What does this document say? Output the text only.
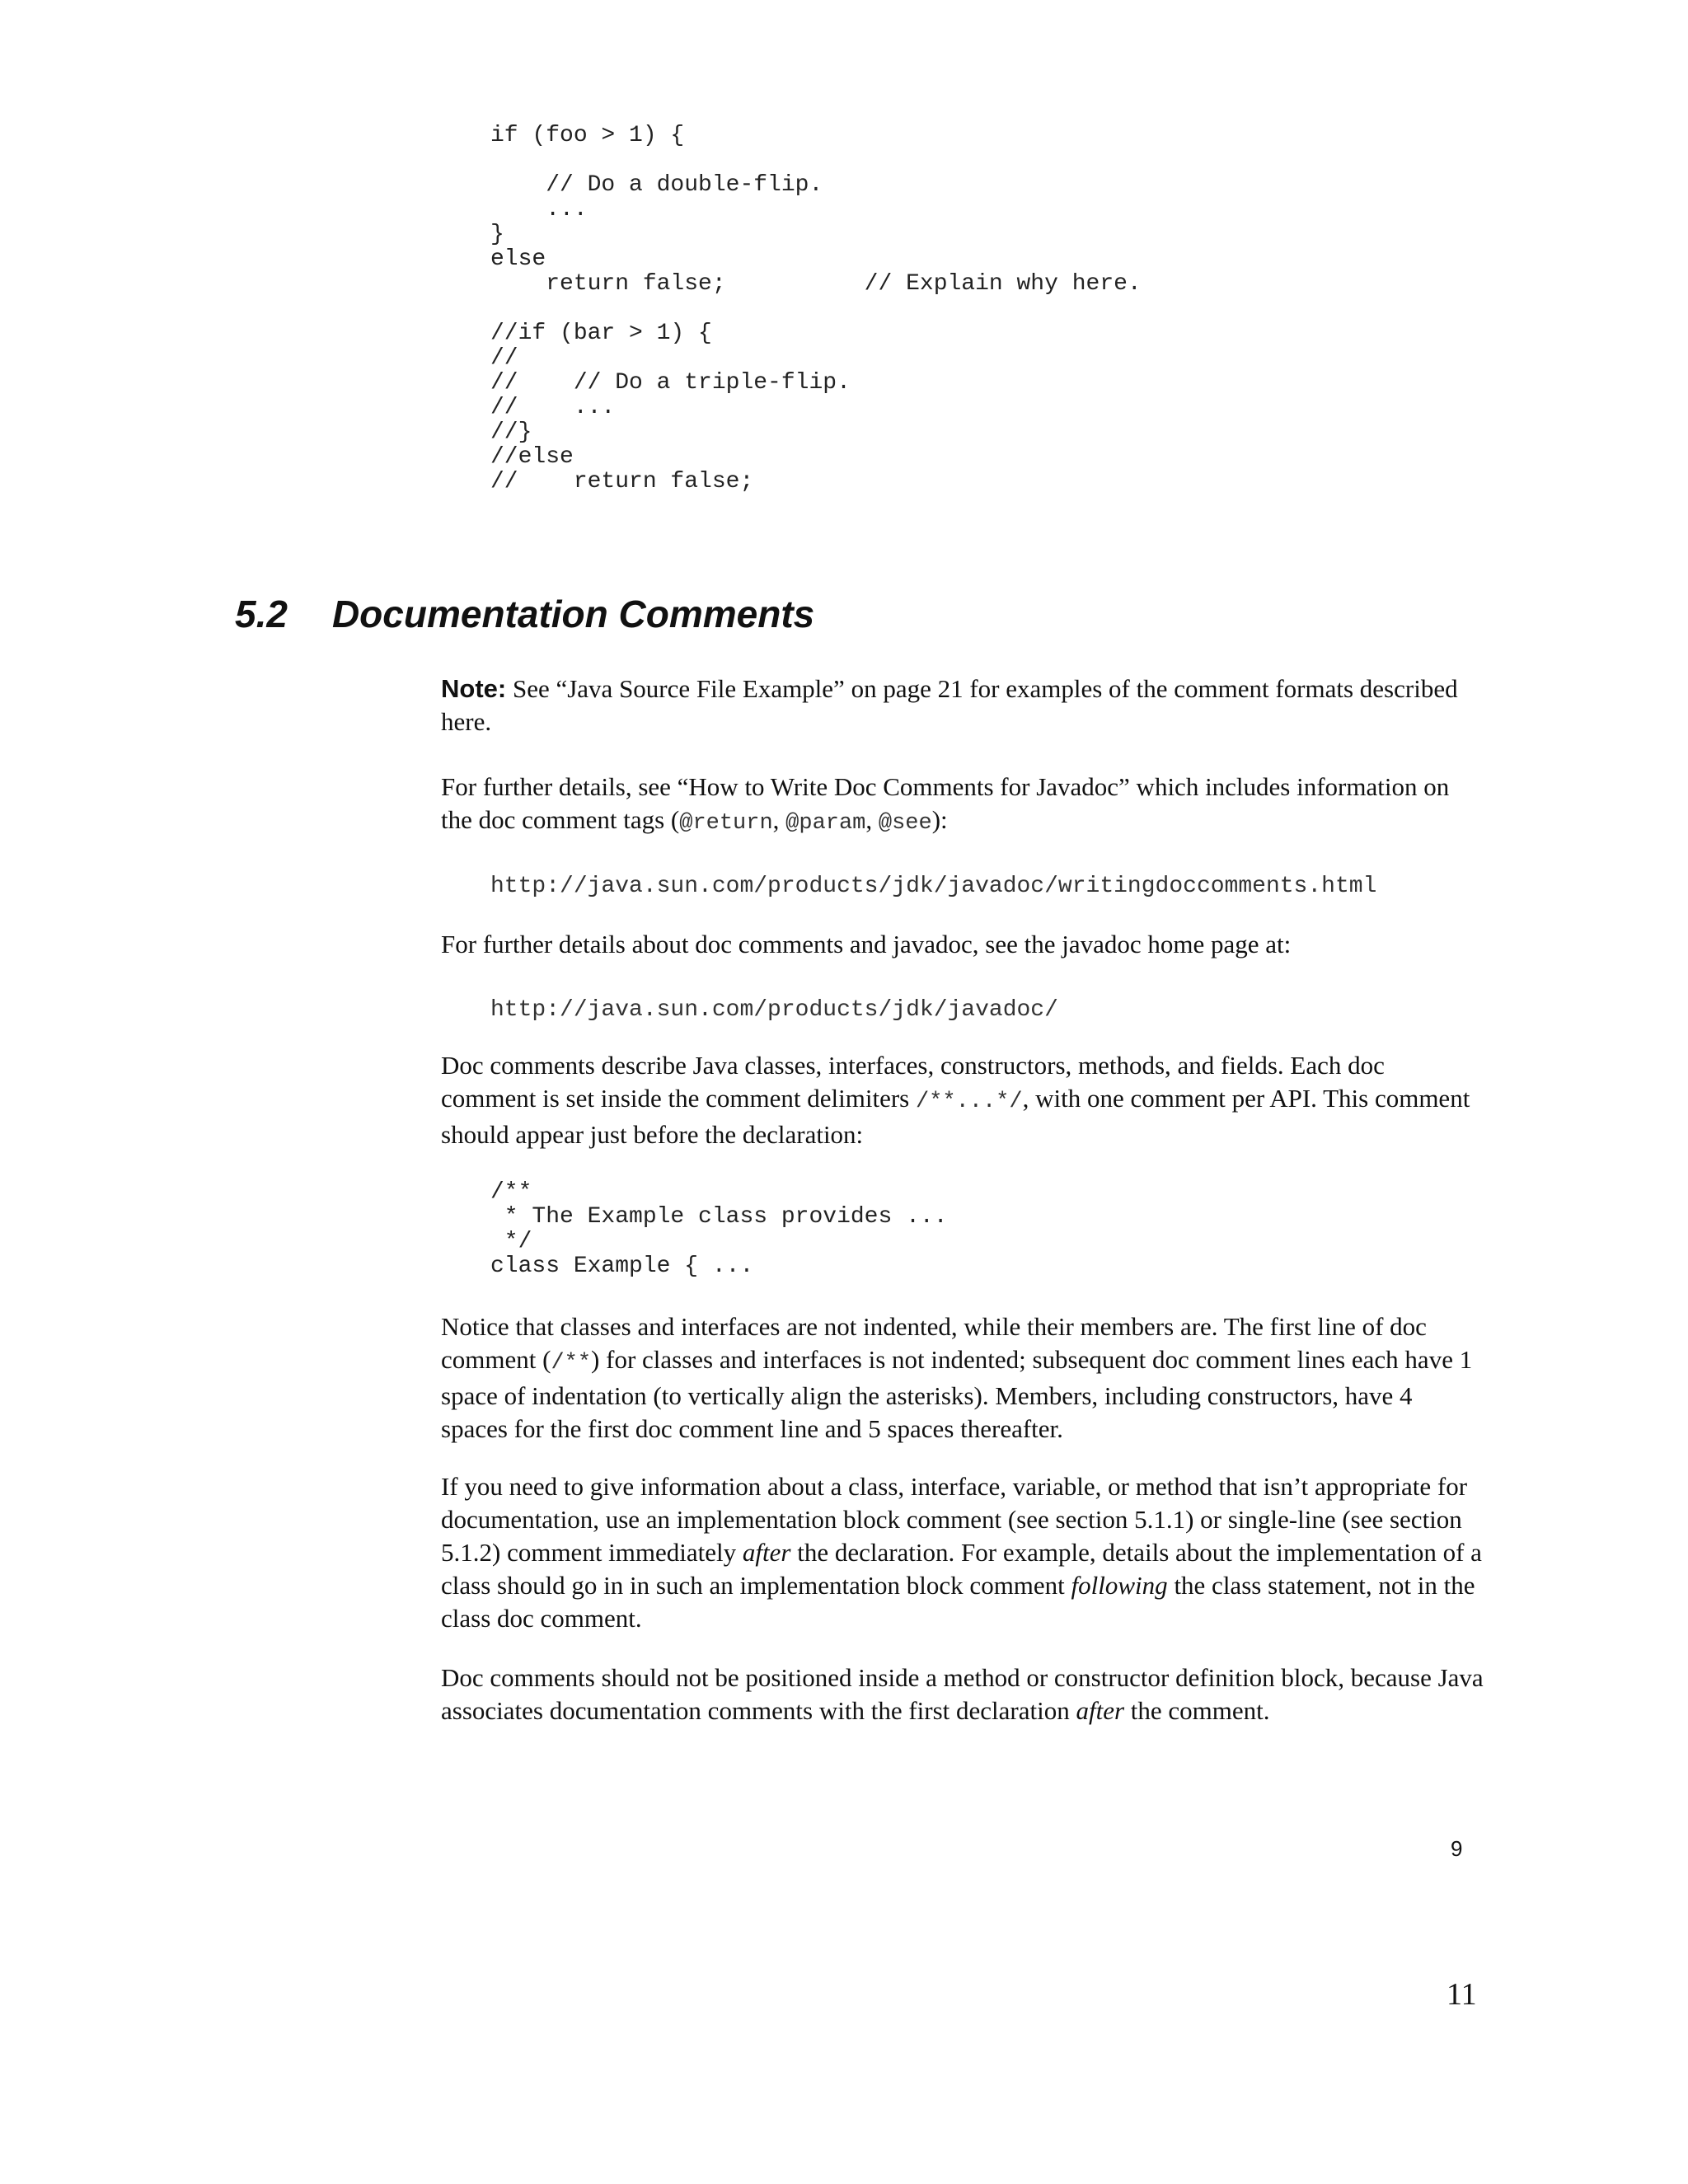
if (foo > 1) {

// Do a double-flip.
...
}
else
return false;          // Explain why here.

//if (bar > 1) {
//
//    // Do a triple-flip.
//    ...
//}
//else
//    return false;
5.2 Documentation Comments

Note: See “Java Source File Example” on page 21 for examples of the comment formats described here.

For further details, see “How to Write Doc Comments for Javadoc” which includes information on the doc comment tags (@return, @param, @see):

http://java.sun.com/products/jdk/javadoc/writingdoccomments.html

For further details about doc comments and javadoc, see the javadoc home page at:

http://java.sun.com/products/jdk/javadoc/

Doc comments describe Java classes, interfaces, constructors, methods, and fields. Each doc comment is set inside the comment delimiters /**...*/, with one comment per API. This comment should appear just before the declaration:

/**
* The Example class provides ...
*/
class Example { ...

Notice that classes and interfaces are not indented, while their members are. The first line of doc comment (/**) for classes and interfaces is not indented; subsequent doc comment lines each have 1 space of indentation (to vertically align the asterisks). Members, including constructors, have 4 spaces for the first doc comment line and 5 spaces thereafter.

If you need to give information about a class, interface, variable, or method that isn’t appropriate for documentation, use an implementation block comment (see section 5.1.1) or single-line (see section 5.1.2) comment immediately after the declaration. For example, details about the implementation of a class should go in in such an implementation block comment following the class statement, not in the class doc comment.

Doc comments should not be positioned inside a method or constructor definition block, because Java associates documentation comments with the first declaration after the comment.

9
11
